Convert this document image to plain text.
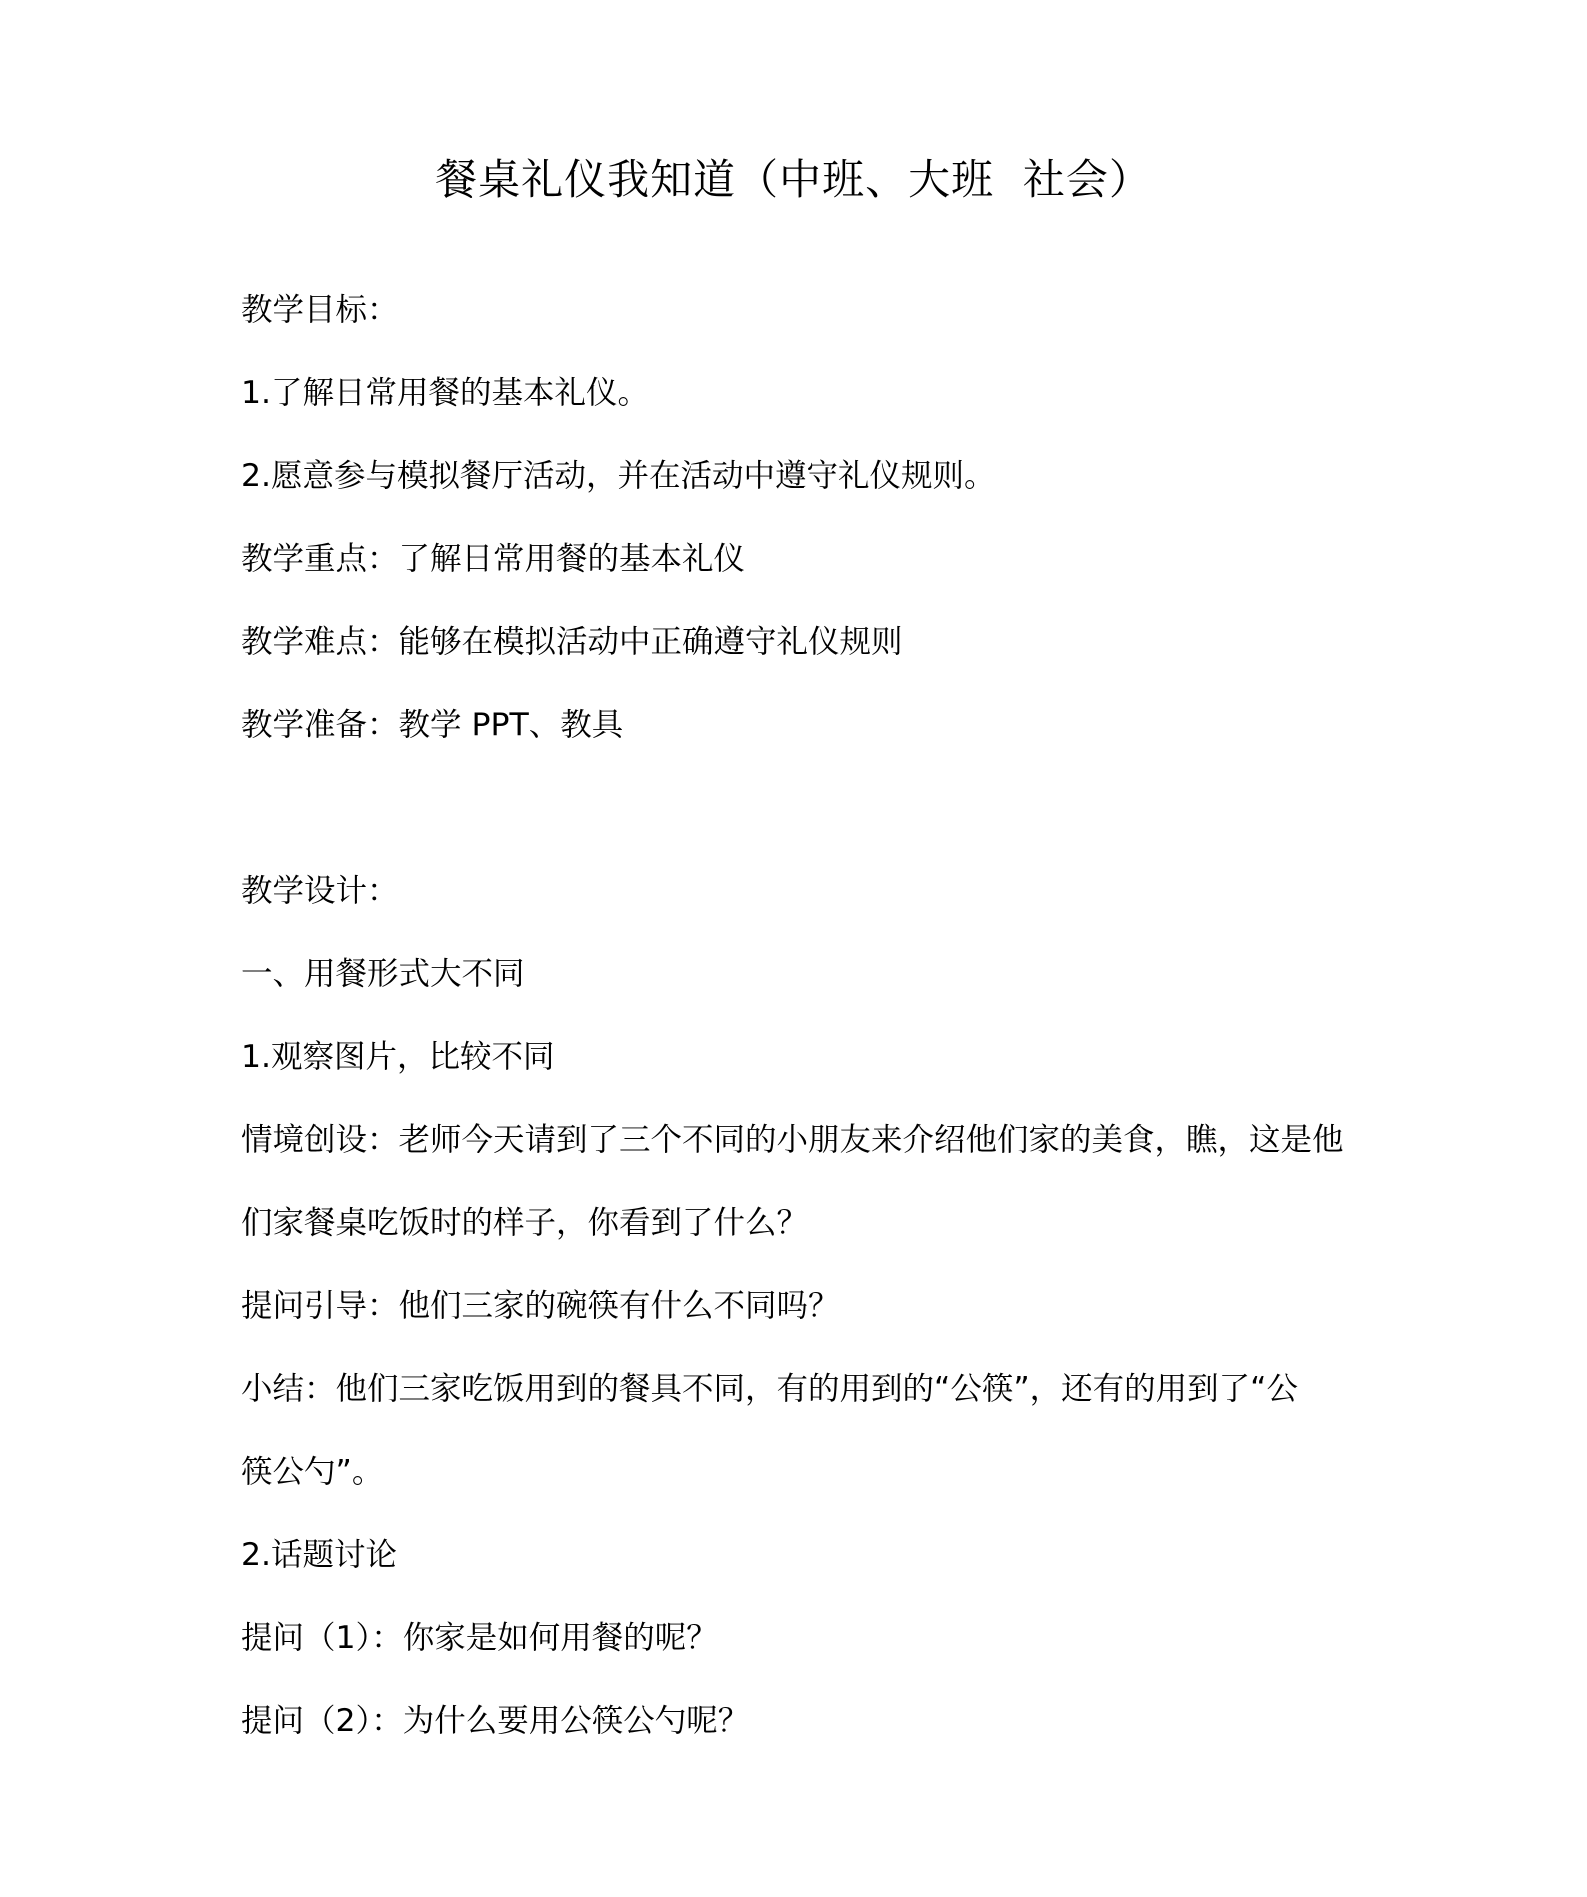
餐桌礼仪我知道（中班、大班  社会）
教学目标：
1.了解日常用餐的基本礼仪。
2.愿意参与模拟餐厅活动，并在活动中遵守礼仪规则。
教学重点：了解日常用餐的基本礼仪
教学难点：能够在模拟活动中正确遵守礼仪规则
教学准备：教学 PPT、教具
教学设计：
一、用餐形式大不同
1.观察图片，比较不同
情境创设：老师今天请到了三个不同的小朋友来介绍他们家的美食，瞧，这是他
们家餐桌吃饭时的样子，你看到了什么？
提问引导：他们三家的碗筷有什么不同吗？
小结：他们三家吃饭用到的餐具不同，有的用到的“公筷”，还有的用到了“公
筷公勺”。
2.话题讨论
提问（1）：你家是如何用餐的呢？
提问（2）：为什么要用公筷公勺呢？
